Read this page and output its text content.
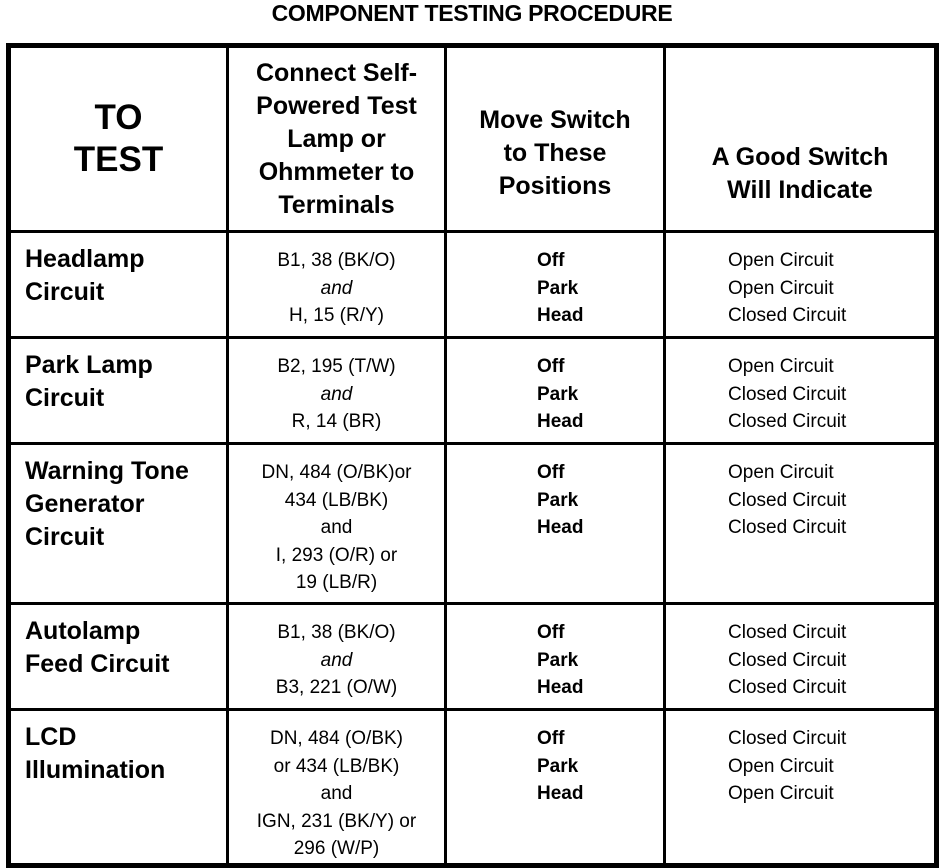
COMPONENT TESTING PROCEDURE
TO
TEST	Connect Self-
Powered Test
Lamp or
Ohmmeter to
Terminals	Move Switch
to These
Positions	A Good Switch
Will Indicate

Headlamp
Circuit	B1, 38 (BK/O)
and
H, 15 (R/Y)	Off
Park
Head	Open Circuit
Open Circuit
Closed Circuit

Park Lamp
Circuit	B2, 195 (T/W)
and
R, 14 (BR)	Off
Park
Head	Open Circuit
Closed Circuit
Closed Circuit

Warning Tone
Generator
Circuit	DN, 484 (O/BK)or
434 (LB/BK)
and
I, 293 (O/R) or
19 (LB/R)	Off
Park
Head	Open Circuit
Closed Circuit
Closed Circuit

Autolamp
Feed Circuit	B1, 38 (BK/O)
and
B3, 221 (O/W)	Off
Park
Head	Closed Circuit
Closed Circuit
Closed Circuit

LCD
Illumination	DN, 484 (O/BK)
or 434 (LB/BK)
and
IGN, 231 (BK/Y) or
296 (W/P)	Off
Park
Head	Closed Circuit
Open Circuit
Open Circuit
